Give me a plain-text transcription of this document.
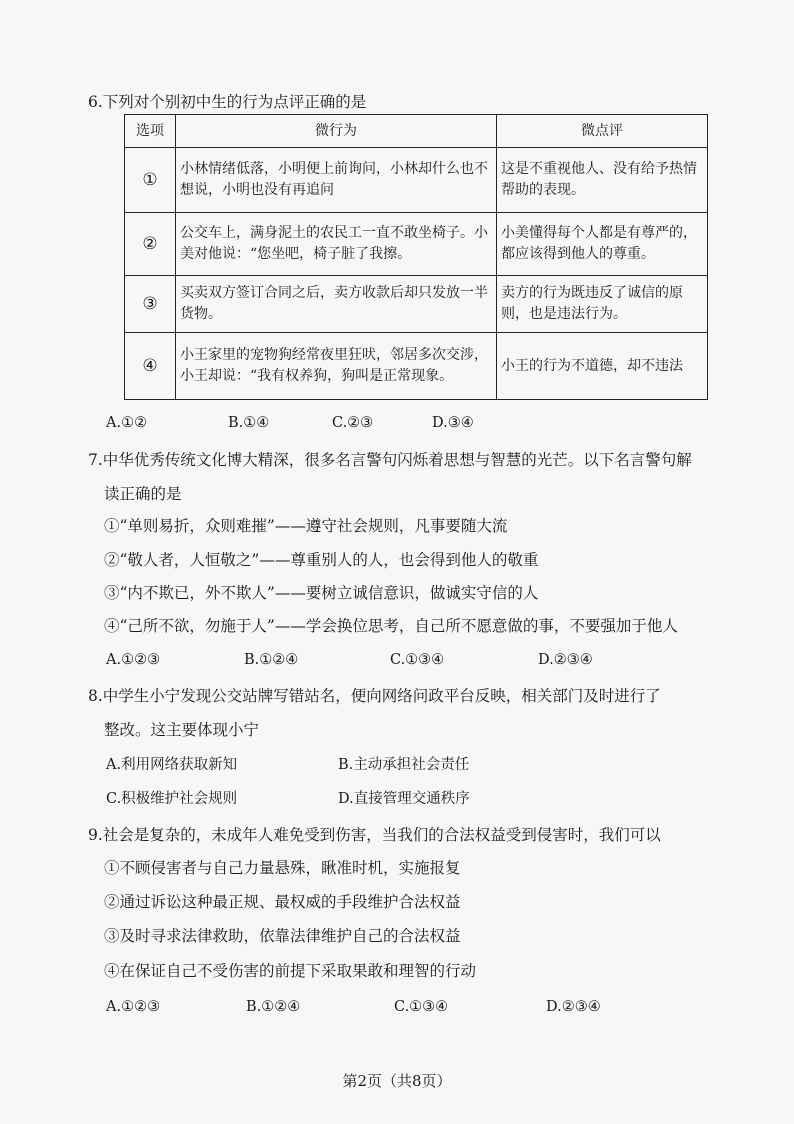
6.下列对个别初中生的行为点评正确的是
选项	微行为	微点评
①	小林情绪低落，小明便上前询问，小林却什么也不想说，小明也没有再追问	这是不重视他人、没有给予热情帮助的表现。
②	公交车上，满身泥土的农民工一直不敢坐椅子。小美对他说：“您坐吧，椅子脏了我擦。	小美懂得每个人都是有尊严的，都应该得到他人的尊重。
③	买卖双方签订合同之后，卖方收款后却只发放一半货物。	卖方的行为既违反了诚信的原则，也是违法行为。
④	小王家里的宠物狗经常夜里狂吠，邻居多次交涉，小王却说：“我有权养狗，狗叫是正常现象。	小王的行为不道德，却不违法
A.①②	B.①④	C.②③	D.③④
7.中华优秀传统文化博大精深，很多名言警句闪烁着思想与智慧的光芒。以下名言警句解
读正确的是
①“单则易折，众则难摧”——遵守社会规则，凡事要随大流
②“敬人者，人恒敬之”——尊重别人的人，也会得到他人的敬重
③“内不欺已，外不欺人”——要树立诚信意识，做诚实守信的人
④“己所不欲，勿施于人”——学会换位思考，自己所不愿意做的事，不要强加于他人
A.①②③	B.①②④	C.①③④	D.②③④
8.中学生小宁发现公交站牌写错站名，便向网络问政平台反映，相关部门及时进行了
整改。这主要体现小宁
A.利用网络获取新知	B.主动承担社会责任
C.积极维护社会规则	D.直接管理交通秩序
9.社会是复杂的，未成年人难免受到伤害，当我们的合法权益受到侵害时，我们可以
①不顾侵害者与自己力量悬殊，瞅准时机，实施报复
②通过诉讼这种最正规、最权威的手段维护合法权益
③及时寻求法律救助，依靠法律维护自己的合法权益
④在保证自己不受伤害的前提下采取果敢和理智的行动
A.①②③	B.①②④	C.①③④	D.②③④
第2页（共8页）
